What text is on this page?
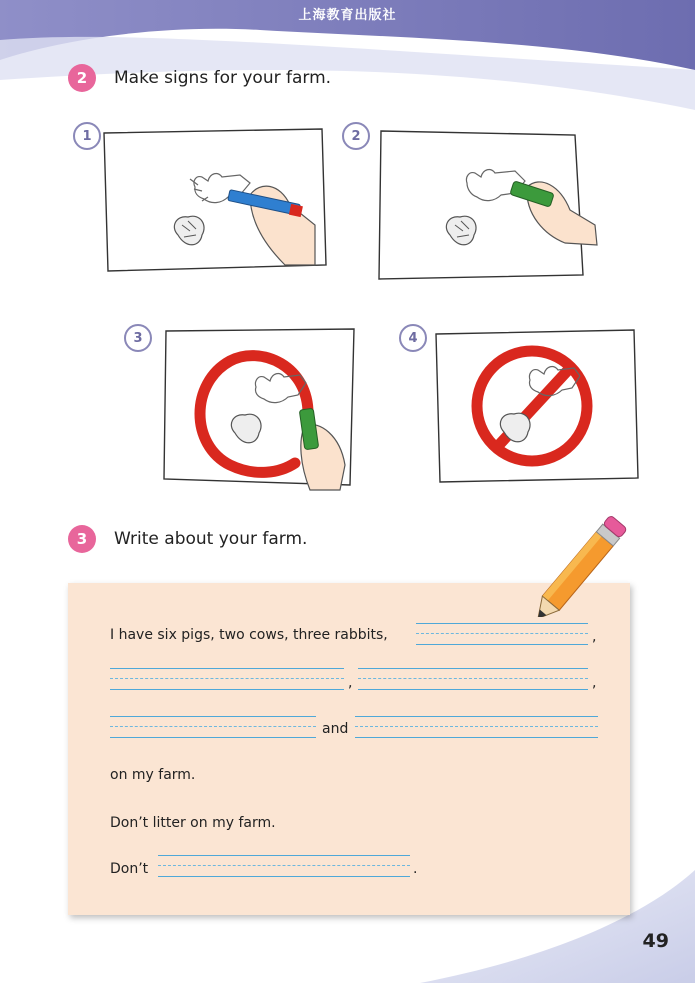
上海教育出版社
2	Make signs for your farm.
1	2
3	4
3	Write about your farm.
I have six pigs, two cows, three rabbits,	,
,	,
and
on my farm.
Don’t litter on my farm.
Don’t	.
49
